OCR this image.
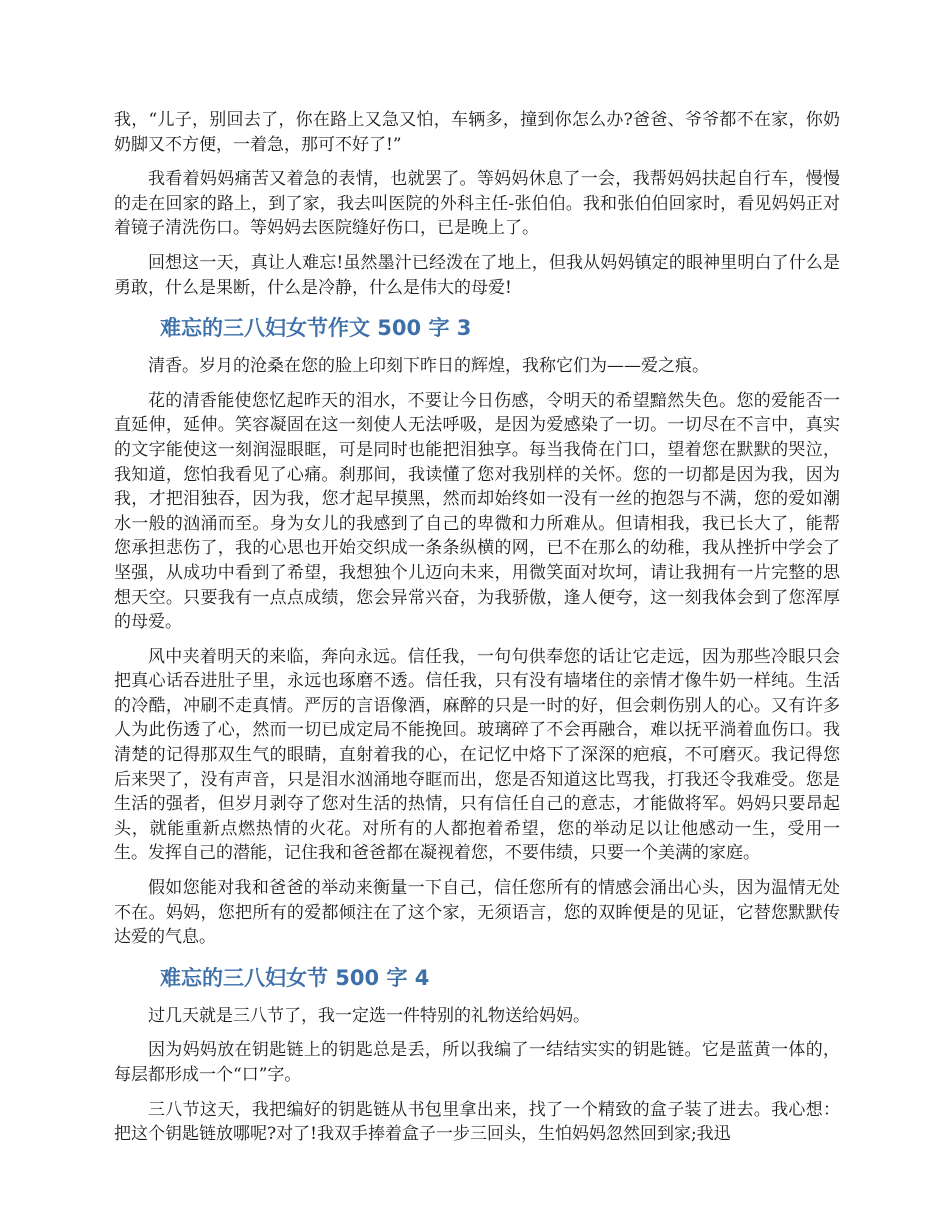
我，“儿子，别回去了，你在路上又急又怕，车辆多，撞到你怎么办?爸爸、爷爷都不在家，你奶奶脚又不方便，一着急，那可不好了!”

我看着妈妈痛苦又着急的表情，也就罢了。等妈妈休息了一会，我帮妈妈扶起自行车，慢慢的走在回家的路上，到了家，我去叫医院的外科主任-张伯伯。我和张伯伯回家时，看见妈妈正对着镜子清洗伤口。等妈妈去医院缝好伤口，已是晚上了。

回想这一天，真让人难忘!虽然墨汁已经泼在了地上，但我从妈妈镇定的眼神里明白了什么是勇敢，什么是果断，什么是冷静，什么是伟大的母爱!

难忘的三八妇女节作文 500 字 3

清香。岁月的沧桑在您的脸上印刻下昨日的辉煌，我称它们为——爱之痕。

花的清香能使您忆起昨天的泪水，不要让今日伤感，令明天的希望黯然失色。您的爱能否一直延伸，延伸。笑容凝固在这一刻使人无法呼吸，是因为爱感染了一切。一切尽在不言中，真实的文字能使这一刻润湿眼眶，可是同时也能把泪独享。每当我倚在门口，望着您在默默的哭泣，我知道，您怕我看见了心痛。刹那间，我读懂了您对我别样的关怀。您的一切都是因为我，因为我，才把泪独吞，因为我，您才起早摸黑，然而却始终如一没有一丝的抱怨与不满，您的爱如潮水一般的汹涌而至。身为女儿的我感到了自己的卑微和力所难从。但请相我，我已长大了，能帮您承担悲伤了，我的心思也开始交织成一条条纵横的网，已不在那么的幼稚，我从挫折中学会了坚强，从成功中看到了希望，我想独个儿迈向未来，用微笑面对坎坷，请让我拥有一片完整的思想天空。只要我有一点点成绩，您会异常兴奋，为我骄傲，逢人便夸，这一刻我体会到了您浑厚的母爱。

风中夹着明天的来临，奔向永远。信任我，一句句供奉您的话让它走远，因为那些冷眼只会把真心话吞进肚子里，永远也琢磨不透。信任我，只有没有墙堵住的亲情才像牛奶一样纯。生活的冷酷，冲刷不走真情。严厉的言语像酒，麻醉的只是一时的好，但会刺伤别人的心。又有许多人为此伤透了心，然而一切已成定局不能挽回。玻璃碎了不会再融合，难以抚平淌着血伤口。我清楚的记得那双生气的眼睛，直射着我的心，在记忆中烙下了深深的疤痕，不可磨灭。我记得您后来哭了，没有声音，只是泪水汹涌地夺眶而出，您是否知道这比骂我，打我还令我难受。您是生活的强者，但岁月剥夺了您对生活的热情，只有信任自己的意志，才能做将军。妈妈只要昂起头，就能重新点燃热情的火花。对所有的人都抱着希望，您的举动足以让他感动一生，受用一生。发挥自己的潜能，记住我和爸爸都在凝视着您，不要伟绩，只要一个美满的家庭。

假如您能对我和爸爸的举动来衡量一下自己，信任您所有的情感会涌出心头，因为温情无处不在。妈妈，您把所有的爱都倾注在了这个家，无须语言，您的双眸便是的见证，它替您默默传达爱的气息。

难忘的三八妇女节 500 字 4

过几天就是三八节了，我一定选一件特别的礼物送给妈妈。

因为妈妈放在钥匙链上的钥匙总是丢，所以我编了一结结实实的钥匙链。它是蓝黄一体的，每层都形成一个“口”字。

三八节这天，我把编好的钥匙链从书包里拿出来，找了一个精致的盒子装了进去。我心想：把这个钥匙链放哪呢?对了!我双手捧着盒子一步三回头，生怕妈妈忽然回到家;我迅
